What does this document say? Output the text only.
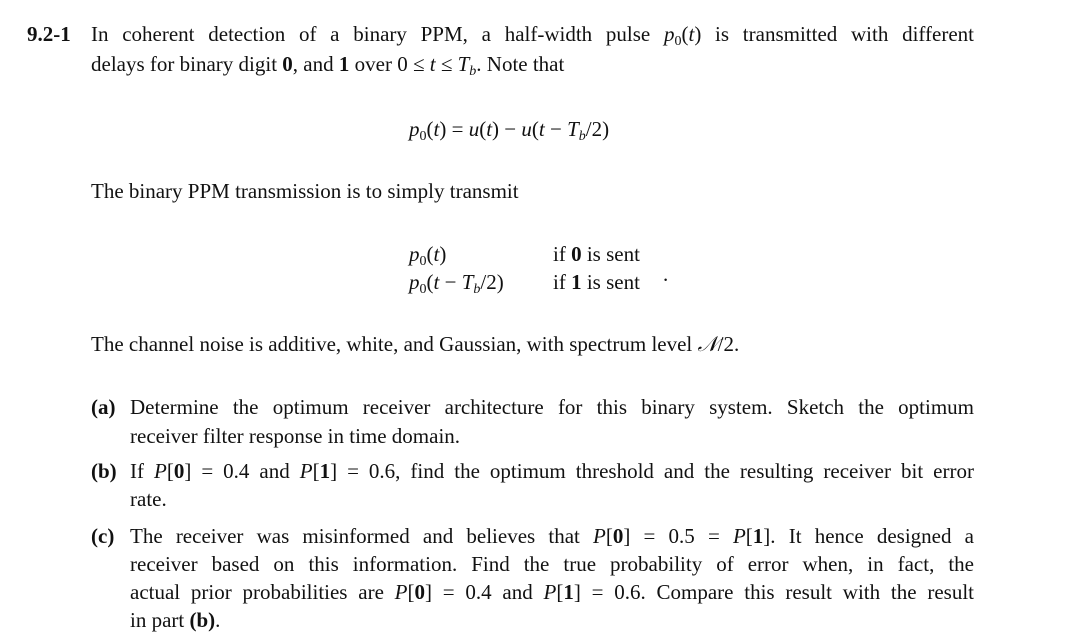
9.2-1 In coherent detection of a binary PPM, a half-width pulse $p_0(t)$ is transmitted with different
delays for binary digit 0, and 1 over $0 \le t \le T_b$. Note that
$p_0(t) = u(t) - u(t - T_b/2)$
The binary PPM transmission is to simply transmit
$p_0(t)$	if 0 is sent
$p_0(t - T_b/2)$ if 1 is sent .
The channel noise is additive, white, and Gaussian, with spectrum level 𝒩/2.
(a) Determine the optimum receiver architecture for this binary system. Sketch the optimum
receiver filter response in time domain.
(b) If P[0] = 0.4 and P[1] = 0.6, find the optimum threshold and the resulting receiver bit error
rate.
(c) The receiver was misinformed and believes that P[0] = 0.5 = P[1]. It hence designed a
receiver based on this information. Find the true probability of error when, in fact, the
actual prior probabilities are P[0] = 0.4 and P[1] = 0.6. Compare this result with the result
in part (b).
